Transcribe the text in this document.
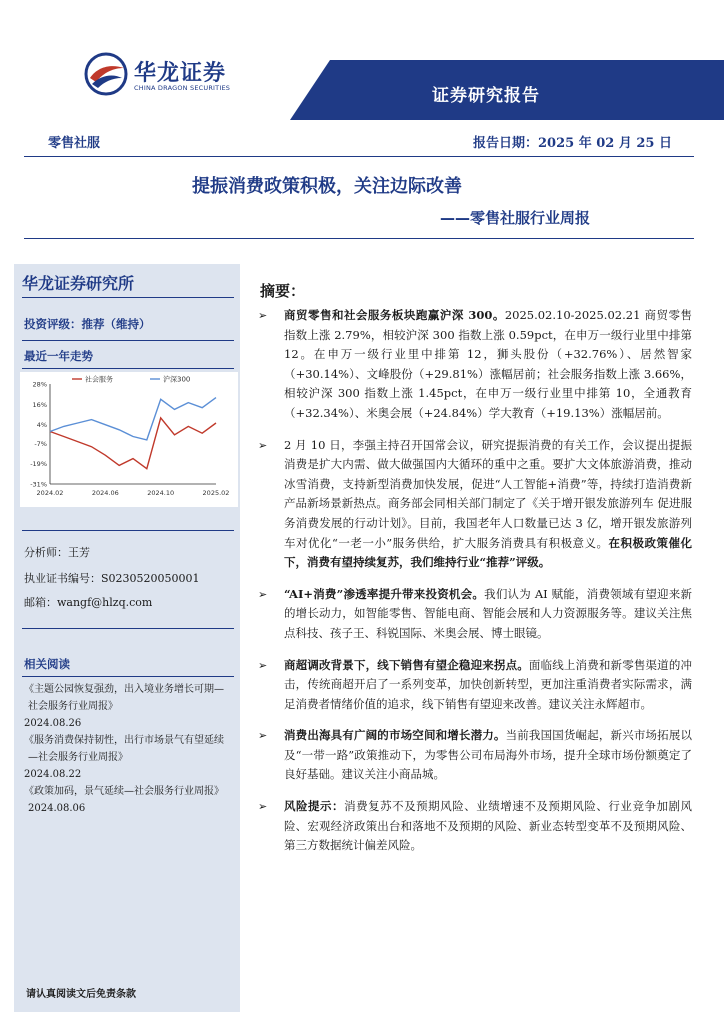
华龙证券
CHINA DRAGON SECURITIES	证券研究报告
零售社服	报告日期：2025 年 02 月 25 日
提振消费政策积极，关注边际改善
——零售社服行业周报
华龙证券研究所
投资评级：推荐（维持）
最近一年走势
28%
16%
4%
-7%
-19%
-31%
2024.02	2024.06	2024.10	2025.02
社会服务	沪深300
分析师：王芳
执业证书编号：S0230520050001
邮箱：wangf@hlzq.com
相关阅读
《主题公园恢复强劲，出入境业务增长可期—社会服务行业周报》
2024.08.26
《服务消费保持韧性，出行市场景气有望延续—社会服务行业周报》
2024.08.22
《政策加码，景气延续—社会服务行业周报》2024.08.06
请认真阅读文后免责条款
摘要：
➢ 商贸零售和社会服务板块跑赢沪深 300。2025.02.10-2025.02.21 商贸零售指数上涨 2.79%，相较沪深 300 指数上涨 0.59pct，在申万一级行业里中排第 12。在申万一级行业里中排第 12，狮头股份（+32.76%）、居然智家（+30.14%）、文峰股份（+29.81%）涨幅居前；社会服务指数上涨 3.66%，相较沪深 300 指数上涨 1.45pct，在申万一级行业里中排第 10，全通教育（+32.34%）、米奥会展（+24.84%）学大教育（+19.13%）涨幅居前。
➢ 2 月 10 日，李强主持召开国常会议，研究提振消费的有关工作，会议提出提振消费是扩大内需、做大做强国内大循环的重中之重。要扩大文体旅游消费，推动冰雪消费，支持新型消费加快发展，促进“人工智能+消费”等，持续打造消费新产品新场景新热点。商务部会同相关部门制定了《关于增开银发旅游列车 促进服务消费发展的行动计划》。目前，我国老年人口数量已达 3 亿，增开银发旅游列车对优化“一老一小”服务供给，扩大服务消费具有积极意义。在积极政策催化下，消费有望持续复苏，我们维持行业“推荐”评级。
➢ “AI+消费”渗透率提升带来投资机会。我们认为 AI 赋能，消费领域有望迎来新的增长动力，如智能零售、智能电商、智能会展和人力资源服务等。建议关注焦点科技、孩子王、科锐国际、米奥会展、博士眼镜。
➢ 商超调改背景下，线下销售有望企稳迎来拐点。面临线上消费和新零售渠道的冲击，传统商超开启了一系列变革，加快创新转型，更加注重消费者实际需求，满足消费者情绪价值的追求，线下销售有望迎来改善。建议关注永辉超市。
➢ 消费出海具有广阔的市场空间和增长潜力。当前我国国货崛起，新兴市场拓展以及“一带一路”政策推动下，为零售公司布局海外市场，提升全球市场份额奠定了良好基础。建议关注小商品城。
➢ 风险提示：消费复苏不及预期风险、业绩增速不及预期风险、行业竞争加剧风险、宏观经济政策出台和落地不及预期的风险、新业态转型变革不及预期风险、第三方数据统计偏差风险。
